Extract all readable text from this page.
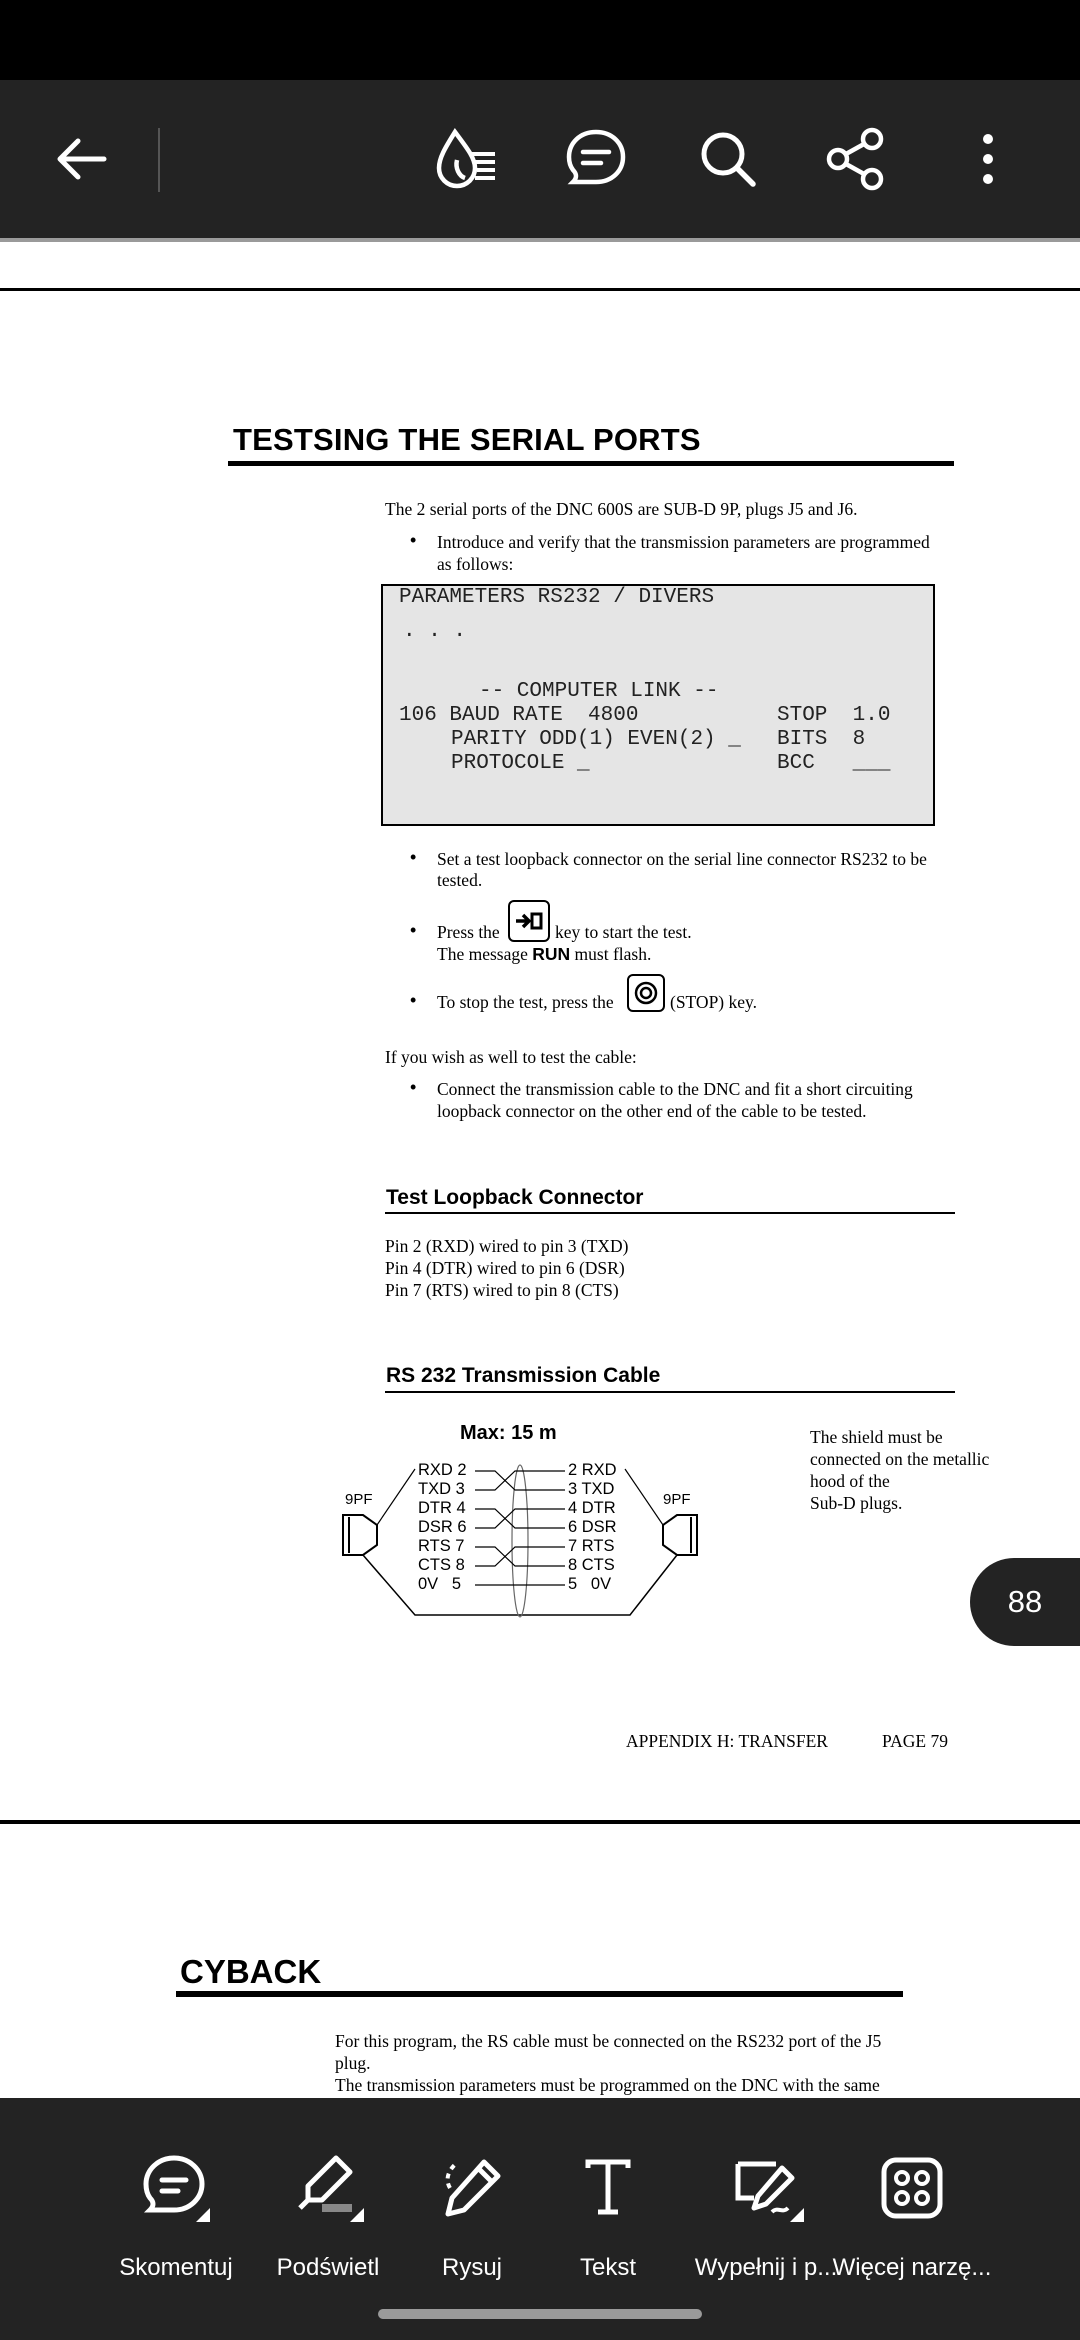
TESTSING THE SERIAL PORTS
The 2 serial ports of the DNC 600S are SUB-D 9P, plugs J5 and J6.
• Introduce and verify that the transmission parameters are programmed
as follows:
PARAMETERS RS232 / DIVERS
. . .
-- COMPUTER LINK --
106 BAUD RATE  4800	STOP  1.0
PARITY ODD(1) EVEN(2) _ BITS  8
PROTOCOLE _	BCC   ___
• Set a test loopback connector on the serial line connector RS232 to be
tested.
• Press the	key to start the test.
The message RUN must flash.
• To stop the test, press the	(STOP) key.
If you wish as well to test the cable:
• Connect the transmission cable to the DNC and fit a short circuiting
loopback connector on the other end of the cable to be tested.
Test Loopback Connector
Pin 2 (RXD) wired to pin 3 (TXD)
Pin 4 (DTR) wired to pin 6 (DSR)
Pin 7 (RTS) wired to pin 8 (CTS)
RS 232 Transmission Cable
Max: 15 m
RXD 2
TXD 3
DTR 4
DSR 6
RTS 7
CTS 8
0V   5
2 RXD
3 TXD
4 DTR
6 DSR
7 RTS
8 CTS
5   0V
9PF	9PF
The shield must be
connected on the metallic
hood of the
Sub-D plugs.
APPENDIX H: TRANSFER	PAGE 79
CYBACK
For this program, the RS cable must be connected on the RS232 port of the J5
plug.
The transmission parameters must be programmed on the DNC with the same
88
Skomentuj Podświetl	Rysuj	Tekst Wypełnij i p...
Więcej narzę...
